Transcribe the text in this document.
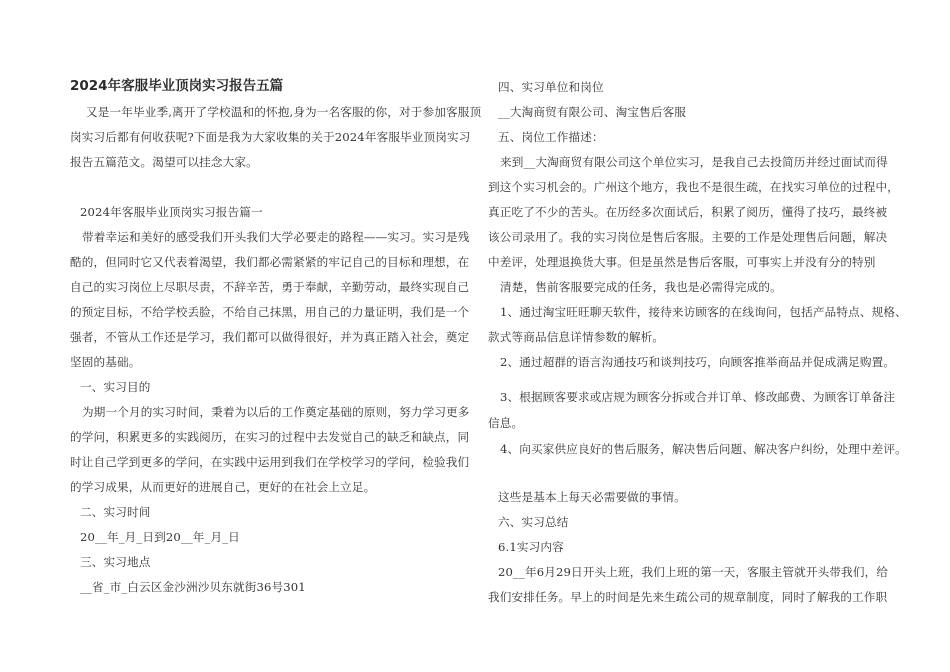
2024年客服毕业顶岗实习报告五篇
又是一年毕业季,离开了学校温和的怀抱,身为一名客服的你，对于参加客服顶
岗实习后都有何收获呢?下面是我为大家收集的关于2024年客服毕业顶岗实习
报告五篇范文。渴望可以挂念大家。
2024年客服毕业顶岗实习报告篇一
带着幸运和美好的感受我们开头我们大学必要走的路程——实习。实习是残
酷的，但同时它又代表着渴望，我们都必需紧紧的牢记自己的目标和理想，在
自己的实习岗位上尽职尽责，不辞辛苦，勇于奉献，辛勤劳动，最终实现自己
的预定目标，不给学校丢脸，不给自己抹黑，用自己的力量证明，我们是一个
强者，不管从工作还是学习，我们都可以做得很好，并为真正踏入社会，奠定
坚固的基础。
一、实习目的
为期一个月的实习时间，秉着为以后的工作奠定基础的原则，努力学习更多
的学问，积累更多的实践阅历，在实习的过程中去发觉自己的缺乏和缺点，同
时让自己学到更多的学问，在实践中运用到我们在学校学习的学问，检验我们
的学习成果，从而更好的进展自己，更好的在社会上立足。
二、实习时间
20__年_月_日到20__年_月_日
三、实习地点
__省_市_白云区金沙洲沙贝东就街36号301
四、实习单位和岗位
__大淘商贸有限公司、淘宝售后客服
五、岗位工作描述：
来到__大淘商贸有限公司这个单位实习，是我自己去投简历并经过面试而得
到这个实习机会的。广州这个地方，我也不是很生疏，在找实习单位的过程中，
真正吃了不少的苦头。在历经多次面试后，积累了阅历，懂得了技巧，最终被
该公司录用了。我的实习岗位是售后客服。主要的工作是处理售后问题，解决
中差评，处理退换货大事。但是虽然是售后客服，可事实上并没有分的特别
清楚，售前客服要完成的任务，我也是必需得完成的。
1、通过淘宝旺旺聊天软件，接待来访顾客的在线询问，包括产品特点、规格、
款式等商品信息详情参数的解析。
2、通过超群的语言沟通技巧和谈判技巧，向顾客推举商品并促成满足购置。
3、根据顾客要求或店规为顾客分拆或合并订单、修改邮费、为顾客订单备注
信息。
4、向买家供应良好的售后服务，解决售后问题、解决客户纠纷，处理中差评。
这些是基本上每天必需要做的事情。
六、实习总结
6.1实习内容
20__年6月29日开头上班，我们上班的第一天，客服主管就开头带我们，给
我们安排任务。早上的时间是先来生疏公司的规章制度，同时了解我的工作职
